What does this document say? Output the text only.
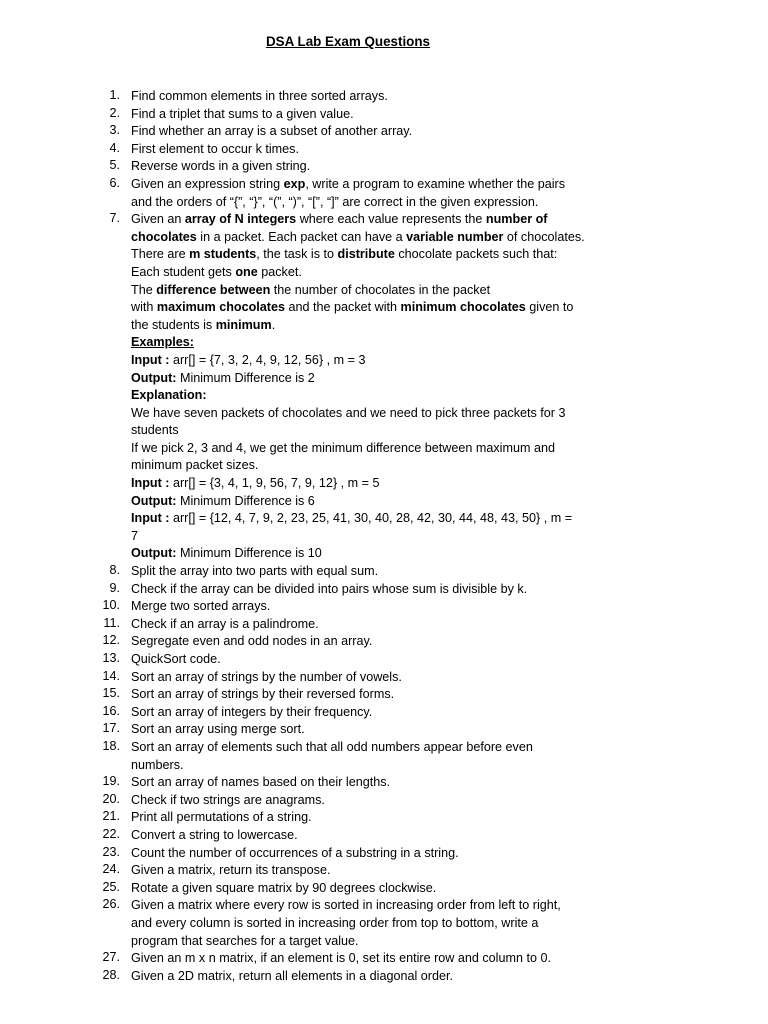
DSA Lab Exam Questions
1. Find common elements in three sorted arrays.
2. Find a triplet that sums to a given value.
3. Find whether an array is a subset of another array.
4. First element to occur k times.
5. Reverse words in a given string.
6. Given an expression string exp, write a program to examine whether the pairs
and the orders of “{”, “}”, “(”, “)”, “[”, “]” are correct in the given expression.
7. Given an array of N integers where each value represents the number of
chocolates in a packet. Each packet can have a variable number of chocolates.
There are m students, the task is to distribute chocolate packets such that:
Each student gets one packet.
The difference between the number of chocolates in the packet
with maximum chocolates and the packet with minimum chocolates given to
the students is minimum.
Examples:
Input : arr[] = {7, 3, 2, 4, 9, 12, 56} , m = 3
Output: Minimum Difference is 2
Explanation:
We have seven packets of chocolates and we need to pick three packets for 3
students
If we pick 2, 3 and 4, we get the minimum difference between maximum and
minimum packet sizes.
Input : arr[] = {3, 4, 1, 9, 56, 7, 9, 12} , m = 5
Output: Minimum Difference is 6
Input : arr[] = {12, 4, 7, 9, 2, 23, 25, 41, 30, 40, 28, 42, 30, 44, 48, 43, 50} , m =
7
Output: Minimum Difference is 10
8. Split the array into two parts with equal sum.
9. Check if the array can be divided into pairs whose sum is divisible by k.
10. Merge two sorted arrays.
11. Check if an array is a palindrome.
12. Segregate even and odd nodes in an array.
13. QuickSort code.
14. Sort an array of strings by the number of vowels.
15. Sort an array of strings by their reversed forms.
16. Sort an array of integers by their frequency.
17. Sort an array using merge sort.
18. Sort an array of elements such that all odd numbers appear before even
numbers.
19. Sort an array of names based on their lengths.
20. Check if two strings are anagrams.
21. Print all permutations of a string.
22. Convert a string to lowercase.
23. Count the number of occurrences of a substring in a string.
24. Given a matrix, return its transpose.
25. Rotate a given square matrix by 90 degrees clockwise.
26. Given a matrix where every row is sorted in increasing order from left to right,
and every column is sorted in increasing order from top to bottom, write a
program that searches for a target value.
27. Given an m x n matrix, if an element is 0, set its entire row and column to 0.
28. Given a 2D matrix, return all elements in a diagonal order.
